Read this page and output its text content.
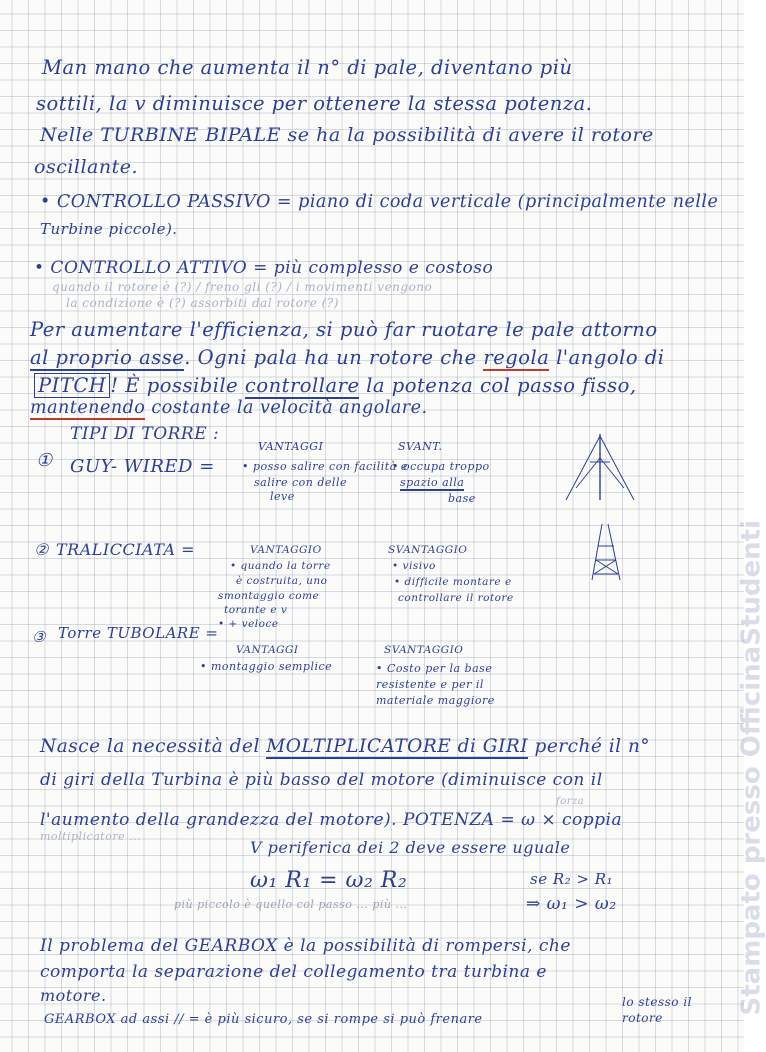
Man mano che aumenta il n° di pale, diventano più
sottili, la v diminuisce per ottenere la stessa potenza.
Nelle TURBINE BIPALE se ha la possibilità di avere il rotore
oscillante.
• CONTROLLO PASSIVO = piano di coda verticale (principalmente nelle
Turbine piccole).
• CONTROLLO ATTIVO = più complesso e costoso
quando il rotore è (?) / freno gli (?) / i movimenti vengono
la condizione è (?) assorbiti dal rotore (?)
Per aumentare l'efficienza, si può far ruotare le pale attorno
al proprio asse. Ogni pala ha un rotore che regola l'angolo di
PITCH ! È possibile controllare la potenza col passo fisso,
mantenendo costante la velocità angolare.
TIPI DI TORRE :
① GUY- WIRED =
VANTAGGI
• posso salire con facilità e
salire con delle
leve
SVANT.
• occupa troppo
spazio alla
base
② TRALICCIATA =	VANTAGGIO
• quando la torre
è costruita, uno
smontaggio come
torante e v
• + veloce
SVANTAGGIO
• visivo
• difficile montare e
controllare il rotore
③ Torre TUBOLARE =
VANTAGGI
• montaggio semplice
SVANTAGGIO
• Costo per la base
resistente e per il
materiale maggiore
Nasce la necessità del MOLTIPLICATORE di GIRI perché il n°
di giri della Turbina è più basso del motore (diminuisce con il
forza
l'aumento della grandezza del motore). POTENZA = ω × coppia
moltiplicatore ...
V periferica dei 2 deve essere uguale
ω₁ R₁ = ω₂ R₂	se R₂ > R₁
⇒ ω₁ > ω₂
più piccolo è quello col passo ... più ...
Il problema del GEARBOX è la possibilità di rompersi, che
comporta la separazione del collegamento tra turbina e
motore.
GEARBOX ad assi // = è più sicuro, se si rompe si può frenare
lo stesso il rotore
Stampato presso OfficinaStudenti
